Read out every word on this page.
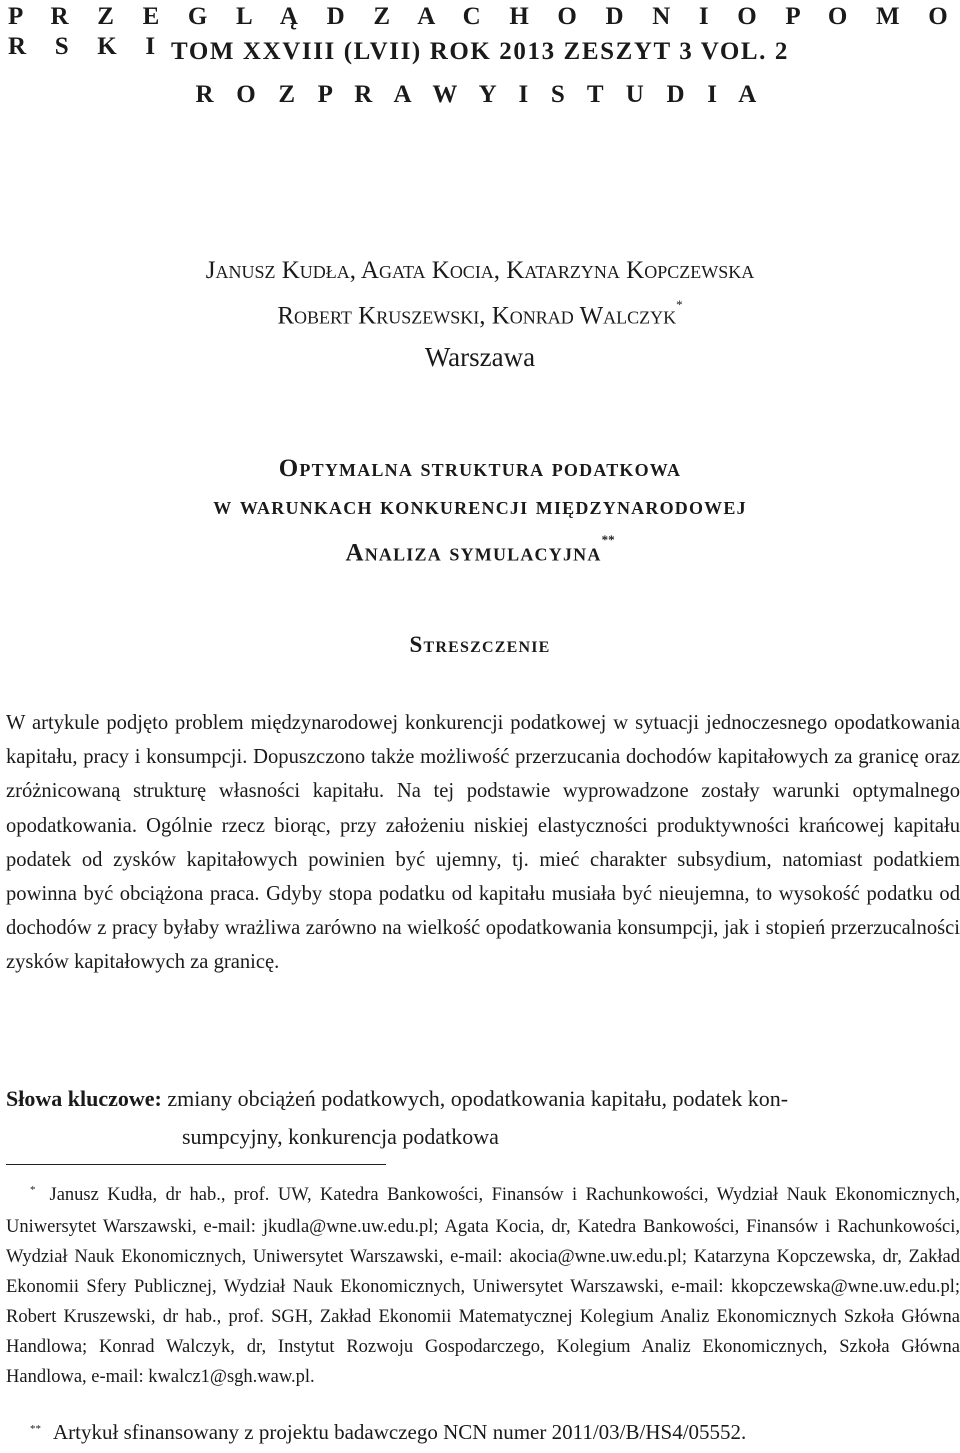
P R Z E G L Ą D Z A C H O D N I O P O M O R S K I TOM XXVIII (LVII) ROK 2013 ZESZYT 3 VOL. 2
R O Z P R A W Y I S T U D I A
Janusz Kudła, Agata Kocia, Katarzyna Kopczewska
Robert Kruszewski, Konrad Walczyk*
Warszawa
Optymalna struktura podatkowa
w warunkach konkurencji międzynarodowej
Analiza symulacyjna**
Streszczenie
W artykule podjęto problem międzynarodowej konkurencji podatkowej w sytuacji jednoczesnego opodatkowania kapitału, pracy i konsumpcji. Dopuszczono także możliwość przerzucania dochodów kapitałowych za granicę oraz zróżnicowaną strukturę własności kapitału. Na tej podstawie wyprowadzone zostały warunki optymalnego opodatkowania. Ogólnie rzecz biorąc, przy założeniu niskiej elastyczności produktywności krańcowej kapitału podatek od zysków kapitałowych powinien być ujemny, tj. mieć charakter subsydium, natomiast podatkiem powinna być obciążona praca. Gdyby stopa podatku od kapitału musiała być nieujemna, to wysokość podatku od dochodów z pracy byłaby wrażliwa zarówno na wielkość opodatkowania konsumpcji, jak i stopień przerzucalności zysków kapitałowych za granicę.
Słowa kluczowe: zmiany obciążeń podatkowych, opodatkowania kapitału, podatek kon-
sumpcyjny, konkurencja podatkowa
* Janusz Kudła, dr hab., prof. UW, Katedra Bankowości, Finansów i Rachunkowości, Wydział Nauk Ekonomicznych, Uniwersytet Warszawski, e-mail: jkudla@wne.uw.edu.pl; Agata Kocia, dr, Katedra Bankowości, Finansów i Rachunkowości, Wydział Nauk Ekonomicznych, Uniwersytet Warszawski, e-mail: akocia@wne.uw.edu.pl; Katarzyna Kopczewska, dr, Zakład Ekonomii Sfery Publicznej, Wydział Nauk Ekonomicznych, Uniwersytet Warszawski, e-mail: kkopczewska@wne.uw.edu.pl; Robert Kruszewski, dr hab., prof. SGH, Zakład Ekonomii Matematycznej Kolegium Analiz Ekonomicznych Szkoła Główna Handlowa; Konrad Walczyk, dr, Instytut Rozwoju Gospodarczego, Kolegium Analiz Ekonomicznych, Szkoła Główna Handlowa, e-mail: kwalcz1@sgh.waw.pl.
** Artykuł sfinansowany z projektu badawczego NCN numer 2011/03/B/HS4/05552.
